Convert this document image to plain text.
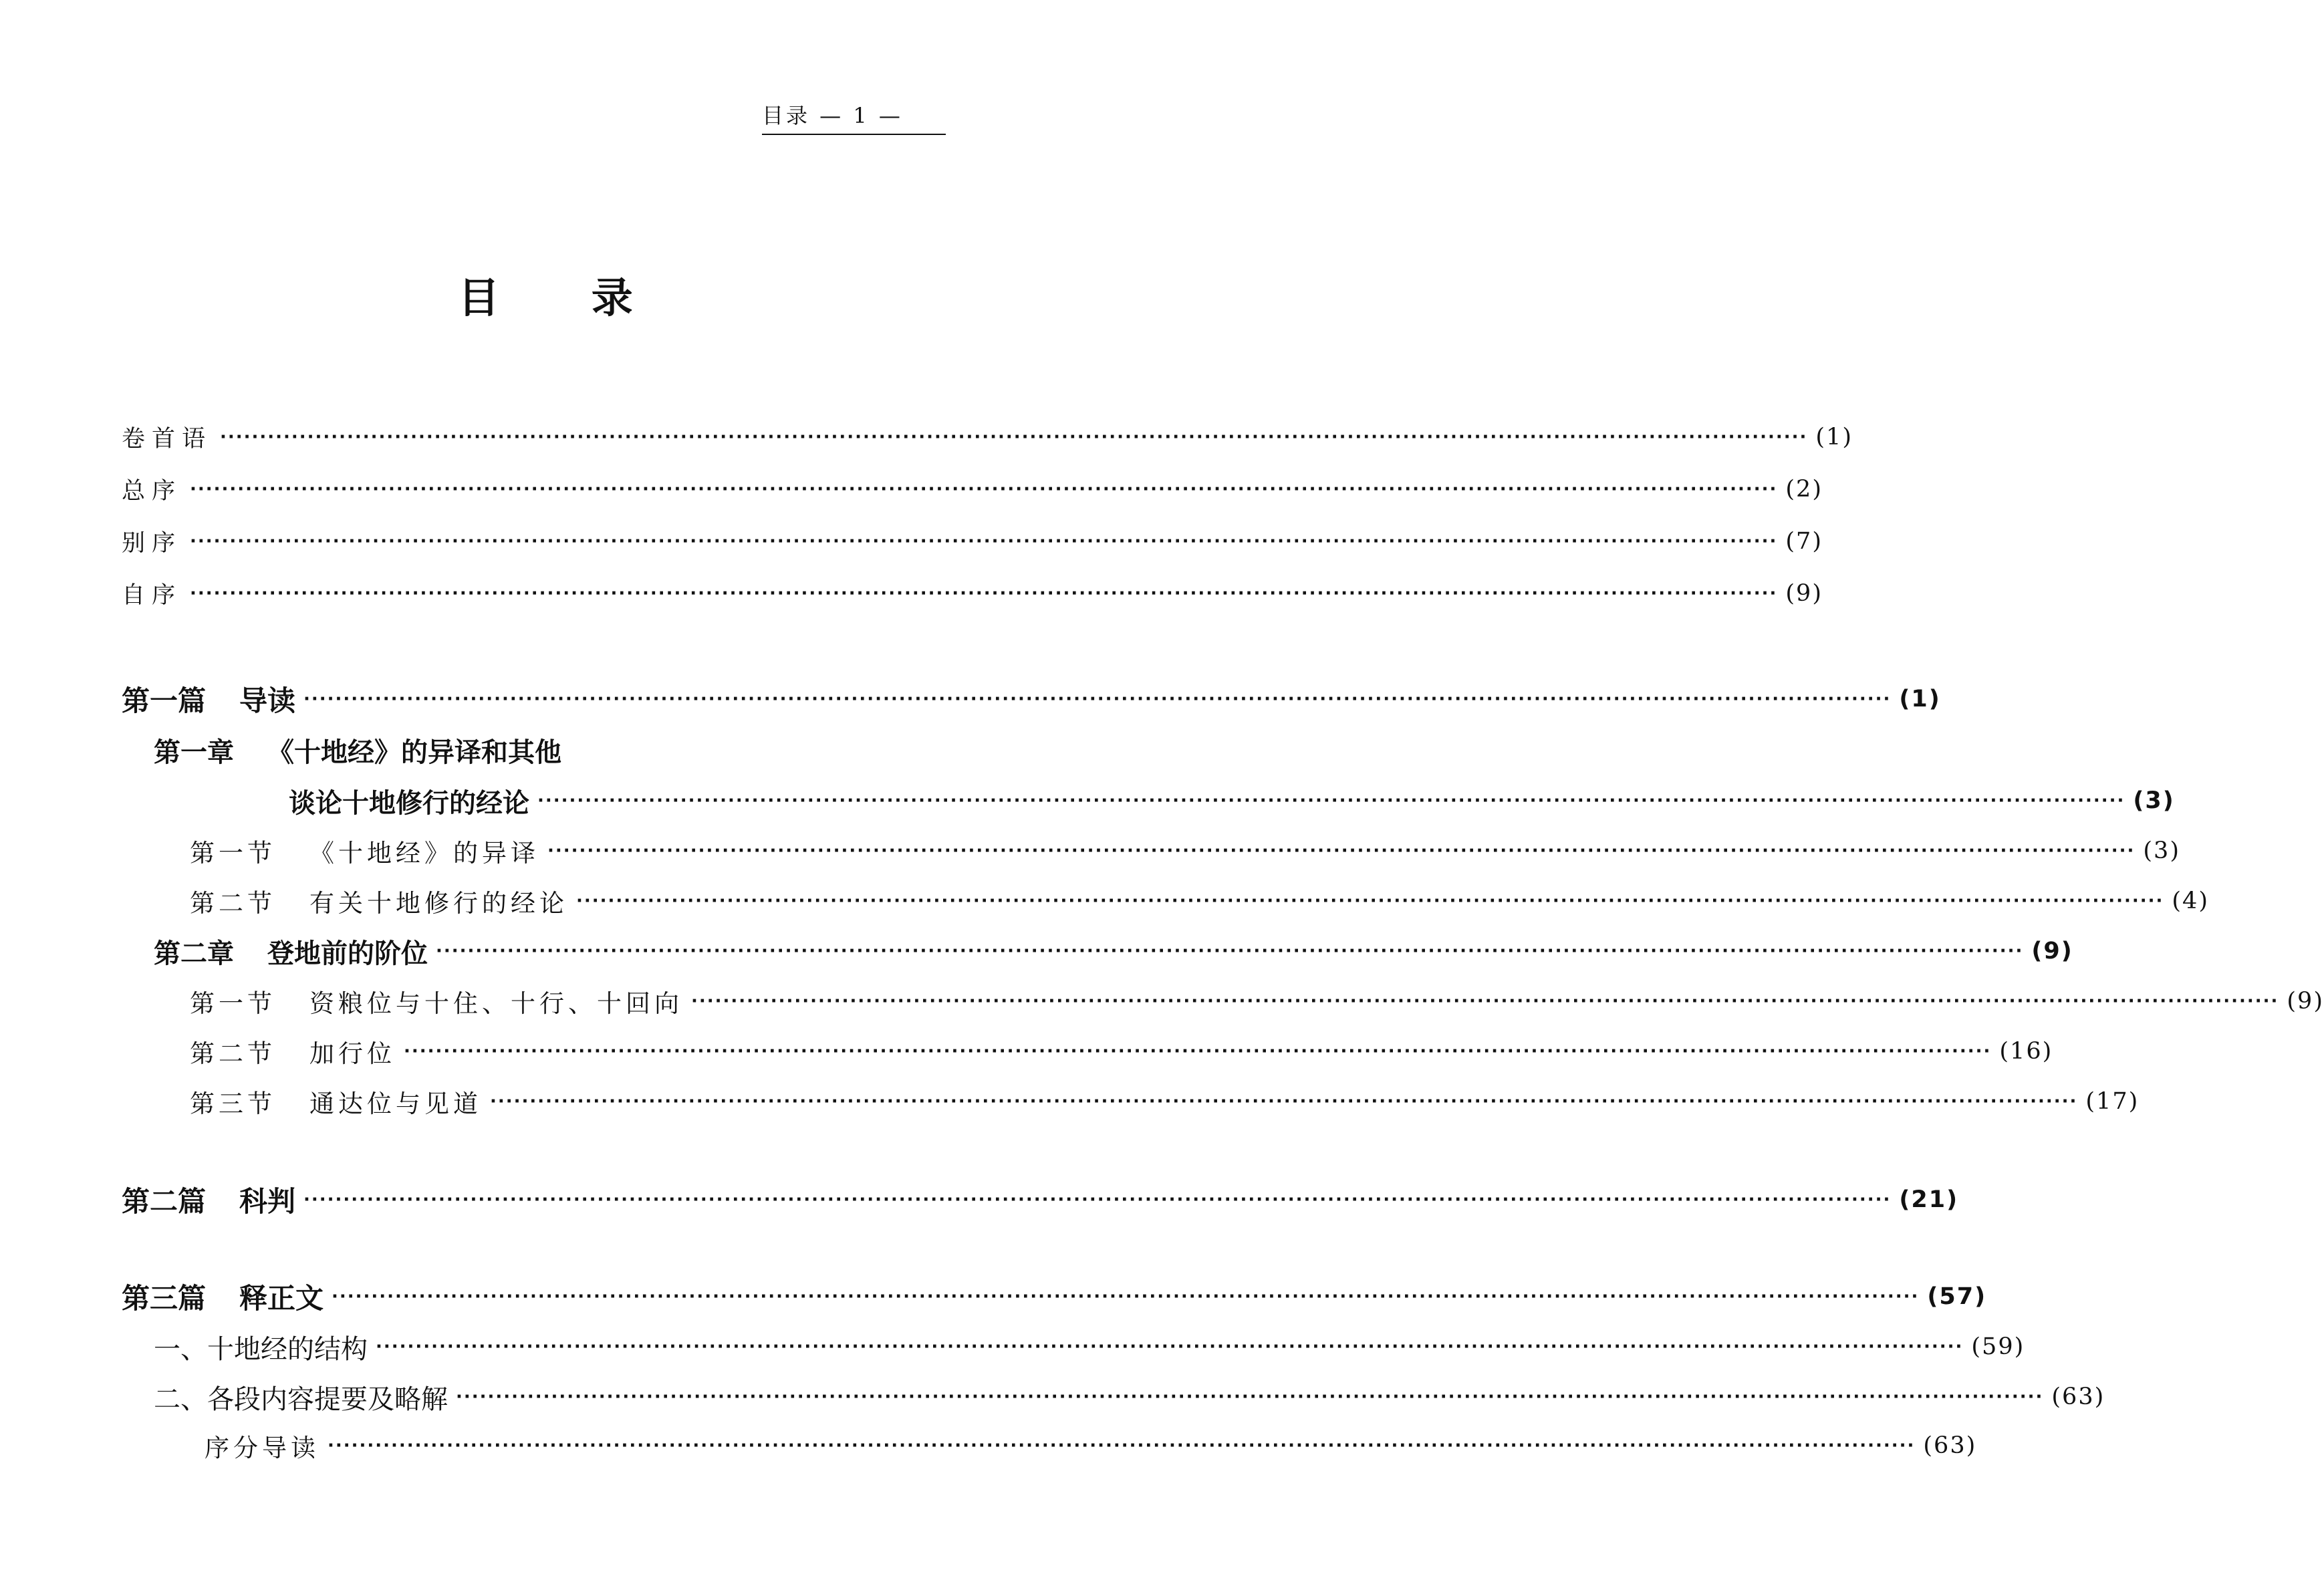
目录 — 1 —
目 录
卷首语 ········································································································································································································ (1)
总序 ········································································································································································································ (2)
别序 ········································································································································································································ (7)
自序 ········································································································································································································ (9)
第一篇 导读 ········································································································································································································ (1)
第一章 《十地经》的异译和其他
谈论十地修行的经论 ········································································································································································································ (3)
第一节 《十地经》的异译 ········································································································································································································ (3)
第二节 有关十地修行的经论 ········································································································································································································ (4)
第二章 登地前的阶位 ········································································································································································································ (9)
第一节 资粮位与十住、十行、十回向 ········································································································································································································ (9)
第二节 加行位 ········································································································································································································ (16)
第三节 通达位与见道 ········································································································································································································ (17)
第二篇 科判 ········································································································································································································ (21)
第三篇 释正文 ········································································································································································································ (57)
一、十地经的结构 ········································································································································································································ (59)
二、各段内容提要及略解 ········································································································································································································ (63)
序分导读 ········································································································································································································ (63)
